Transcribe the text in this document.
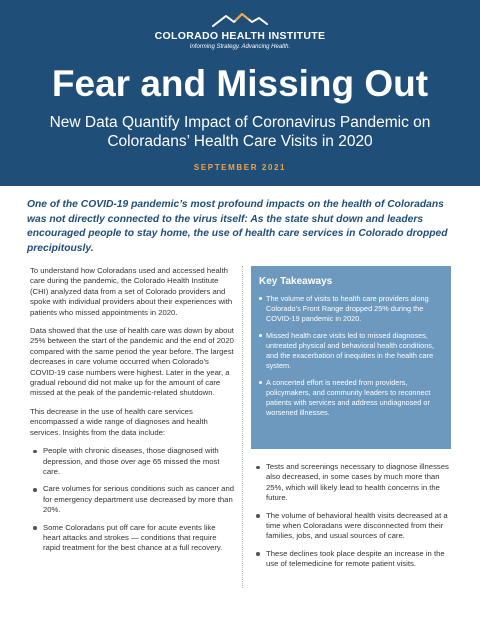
COLORADO HEALTH INSTITUTE
Informing Strategy. Advancing Health.
Fear and Missing Out
New Data Quantify Impact of Coronavirus Pandemic on Coloradans’ Health Care Visits in 2020
SEPTEMBER 2021
One of the COVID-19 pandemic’s most profound impacts on the health of Coloradans was not directly connected to the virus itself: As the state shut down and leaders encouraged people to stay home, the use of health care services in Colorado dropped precipitously.

To understand how Coloradans used and accessed health care during the pandemic, the Colorado Health Institute (CHI) analyzed data from a set of Colorado providers and spoke with individual providers about their experiences with patients who missed appointments in 2020.

Data showed that the use of health care was down by about 25% between the start of the pandemic and the end of 2020 compared with the same period the year before. The largest decreases in care volume occurred when Colorado’s COVID-19 case numbers were highest. Later in the year, a gradual rebound did not make up for the amount of care missed at the peak of the pandemic-related shutdown.

This decrease in the use of health care services encompassed a wide range of diagnoses and health services. Insights from the data include:

People with chronic diseases, those diagnosed with depression, and those over age 65 missed the most care.
Care volumes for serious conditions such as cancer and for emergency department use decreased by more than 20%.
Some Coloradans put off care for acute events like heart attacks and strokes — conditions that require rapid treatment for the best chance at a full recovery.
Key Takeaways
The volume of visits to health care providers along Colorado’s Front Range dropped 25% during the COVID-19 pandemic in 2020.
Missed health care visits led to missed diagnoses, untreated physical and behavioral health conditions, and the exacerbation of inequities in the health care system.
A concerted effort is needed from providers, policymakers, and community leaders to reconnect patients with services and address undiagnosed or worsened illnesses.
Tests and screenings necessary to diagnose illnesses also decreased, in some cases by much more than 25%, which will likely lead to health concerns in the future.
The volume of behavioral health visits decreased at a time when Coloradans were disconnected from their families, jobs, and usual sources of care.
These declines took place despite an increase in the use of telemedicine for remote patient visits.
